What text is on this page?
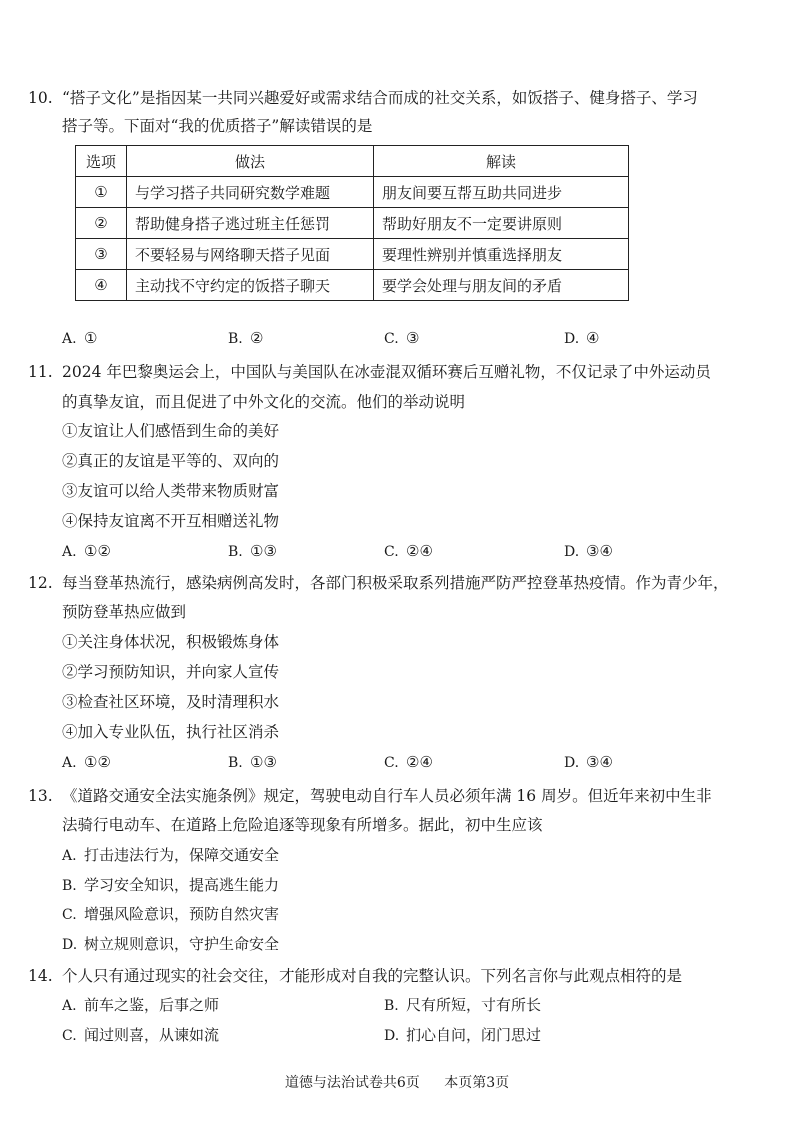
10. “搭子文化”是指因某一共同兴趣爱好或需求结合而成的社交关系，如饭搭子、健身搭子、学习
搭子等。下面对“我的优质搭子”解读错误的是
选项	做法	解读
①	与学习搭子共同研究数学难题	朋友间要互帮互助共同进步
②	帮助健身搭子逃过班主任惩罚	帮助好朋友不一定要讲原则
③	不要轻易与网络聊天搭子见面	要理性辨别并慎重选择朋友
④	主动找不守约定的饭搭子聊天	要学会处理与朋友间的矛盾
A. ①	B. ②	C. ③	D. ④
11. 2024 年巴黎奥运会上，中国队与美国队在冰壶混双循环赛后互赠礼物，不仅记录了中外运动员
的真挚友谊，而且促进了中外文化的交流。他们的举动说明
①友谊让人们感悟到生命的美好
②真正的友谊是平等的、双向的
③友谊可以给人类带来物质财富
④保持友谊离不开互相赠送礼物
A. ①②	B. ①③	C. ②④	D. ③④
12. 每当登革热流行，感染病例高发时，各部门积极采取系列措施严防严控登革热疫情。作为青少年，
预防登革热应做到
①关注身体状况，积极锻炼身体
②学习预防知识，并向家人宣传
③检查社区环境，及时清理积水
④加入专业队伍，执行社区消杀
A. ①②	B. ①③	C. ②④	D. ③④
13. 《道路交通安全法实施条例》规定，驾驶电动自行车人员必须年满 16 周岁。但近年来初中生非
法骑行电动车、在道路上危险追逐等现象有所增多。据此，初中生应该
A. 打击违法行为，保障交通安全
B. 学习安全知识，提高逃生能力
C. 增强风险意识，预防自然灾害
D. 树立规则意识，守护生命安全
14. 个人只有通过现实的社会交往，才能形成对自我的完整认识。下列名言你与此观点相符的是
A. 前车之鉴，后事之师	B. 尺有所短，寸有所长
C. 闻过则喜，从谏如流	D. 扪心自问，闭门思过
道德与法治试卷共6页 本页第3页
